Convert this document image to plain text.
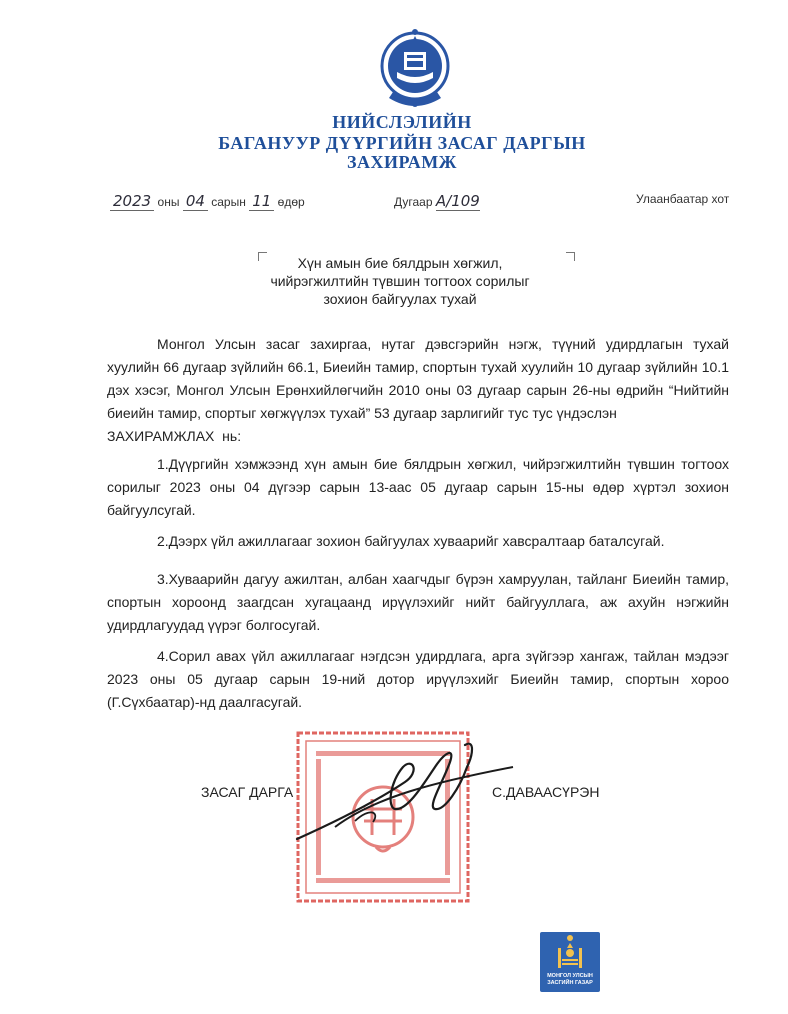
НИЙСЛЭЛИЙН
БАГАНУУР ДҮҮРГИЙН ЗАСАГ ДАРГЫН
ЗАХИРАМЖ
2023 оны 04 сарын 11 өдөр	Дугаар А/109	Улаанбаатар хот
Хүн амын бие бялдрын хөгжил,
чийрэгжилтийн түвшин тогтоох сорилыг
зохион байгуулах тухай
Монгол Улсын засаг захиргаа, нутаг дэвсгэрийн нэгж, түүний удирдлагын тухай хуулийн 66 дугаар зүйлийн 66.1, Биеийн тамир, спортын тухай хуулийн 10 дугаар зүйлийн 10.1 дэх хэсэг, Монгол Улсын Ерөнхийлөгчийн 2010 оны 03 дугаар сарын 26-ны өдрийн “Нийтийн биеийн тамир, спортыг хөгжүүлэх тухай” 53 дугаар зарлигийг тус тус үндэслэн
ЗАХИРАМЖЛАХ нь:
1.Дүүргийн хэмжээнд хүн амын бие бялдрын хөгжил, чийрэгжилтийн түвшин тогтоох сорилыг 2023 оны 04 дүгээр сарын 13-аас 05 дугаар сарын 15-ны өдөр хүртэл зохион байгуулсугай.
2.Дээрх үйл ажиллагааг зохион байгуулах хуваарийг хавсралтаар баталсугай.
3.Хуваарийн дагуу ажилтан, албан хаагчдыг бүрэн хамруулан, тайланг Биеийн тамир, спортын хороонд заагдсан хугацаанд ирүүлэхийг нийт байгууллага, аж ахуйн нэгжийн удирдлагуудад үүрэг болгосугай.
4.Сорил авах үйл ажиллагааг нэгдсэн удирдлага, арга зүйгээр хангаж, тайлан мэдээг 2023 оны 05 дугаар сарын 19-ний дотор ирүүлэхийг Биеийн тамир, спортын хороо (Г.Сүхбаатар)-нд даалгасугай.
ЗАСАГ ДАРГА	С.ДАВААСҮРЭН
МОНГОЛ УЛСЫН
ЗАСГИЙН ГАЗАР
